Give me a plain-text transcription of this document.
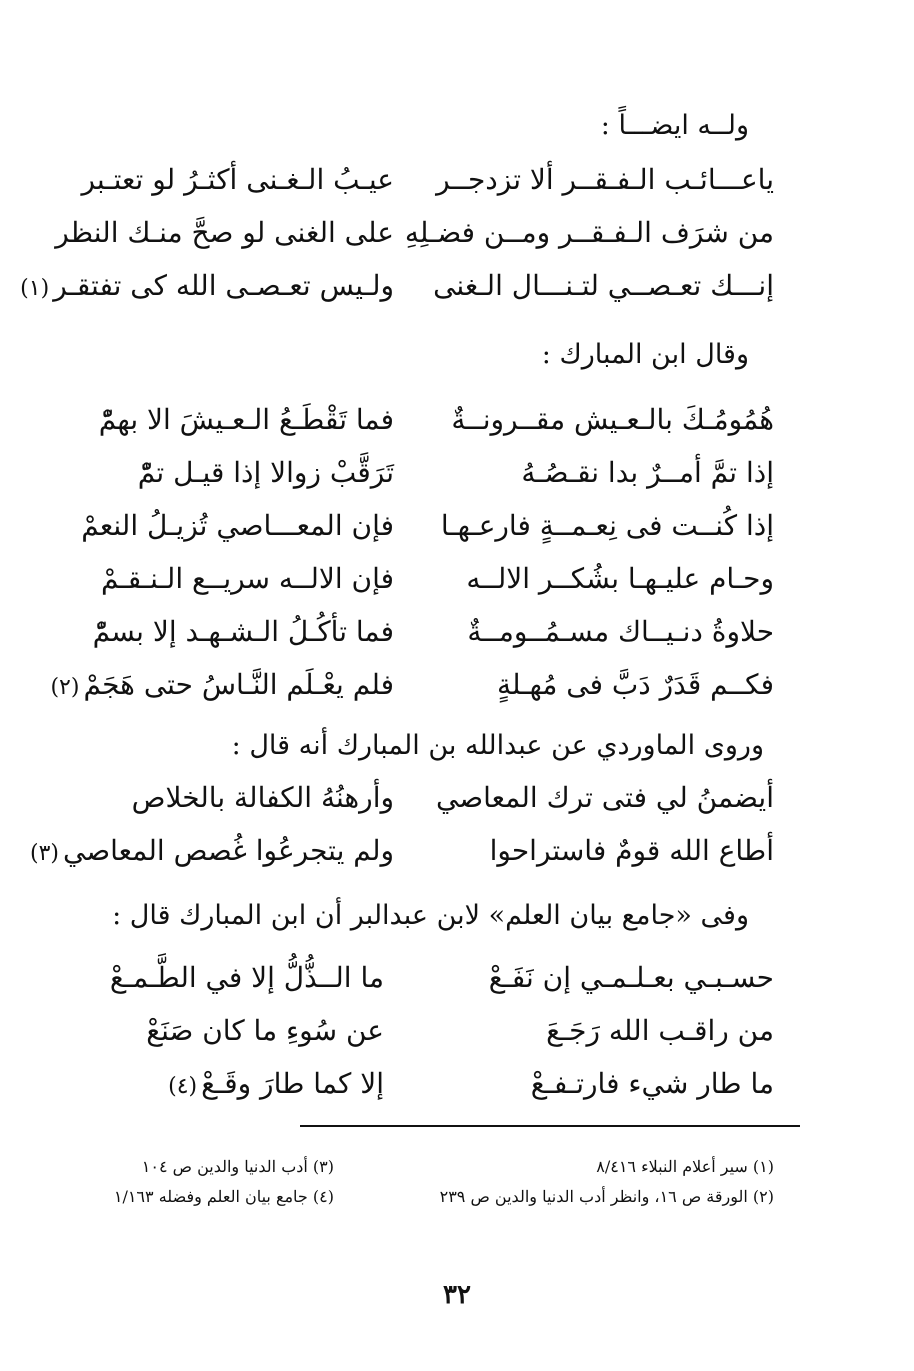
ولــه ايضـــاً :
ياعـــائـب الـفـقــر ألا تزدجــر
عيـبُ الـغـنى أكثـرُ لو تعتـبر
من شرَف الـفـقــر ومــن فضـلِهِ
على الغنى لو صحَّ منـك النظر
إنـــك تعـصــي لتـنـــال الـغنى
ولـيس تعـصـى الله كى تفتقـر(١)
وقال ابن المبارك :
هُمُومُـكَ بالـعـيش مقــرونــةٌ
فما تَقْطَـعُ الـعـيشَ الا بهمّْ
إذا تمَّ أمــرٌ بدا نقـصُـهُ
تَرَقَّبْ زوالا إذا قيـل تمّْ
إذا كُنــت فى نِعـمــةٍ فارعـهـا
فإن المعـــاصي تُزيـلُ النعمْ
وحـام عليـهـا بشُكــر الالــه
فإن الالــه سريــع الـنـقـمْ
حلاوةُ دنـيــاك مسـمُــومــةٌ
فما تأكُـلُ الـشـهـد إلا بسمّْ
فكــم قَدَرٌ دَبَّ فى مُهـلةٍ
فلم يعْـلَم النَّـاسُ حتى هَجَمْ(٢)
وروى الماوردي عن عبدالله بن المبارك أنه قال :
أيضمنُ لي فتى ترك المعاصي
وأرهنُهُ الكفالة بالخلاص
أطاع الله قومٌ فاستراحوا
ولم يتجرعُوا غُصص المعاصي(٣)
وفى «جامع بيان العلم» لابن عبدالبر أن ابن المبارك قال :
حسـبـي بعـلـمـي إن نَفَـعْ
ما الــذُّلُّ إلا في الطَّـمـعْ
من راقـب الله رَجَـعَ
عن سُوءِ ما كان صَنَعْ
ما طار شيء فارتـفـعْ
إلا كما طارَ وقَـعْ(٤)
(١) سير أعلام النبلاء ٨/٤١٦
(٢) الورقة ص ١٦، وانظر أدب الدنيا والدين ص ٢٣٩
(٣) أدب الدنيا والدين ص ١٠٤
(٤) جامع بيان العلم وفضله ١/١٦٣
٣٢
